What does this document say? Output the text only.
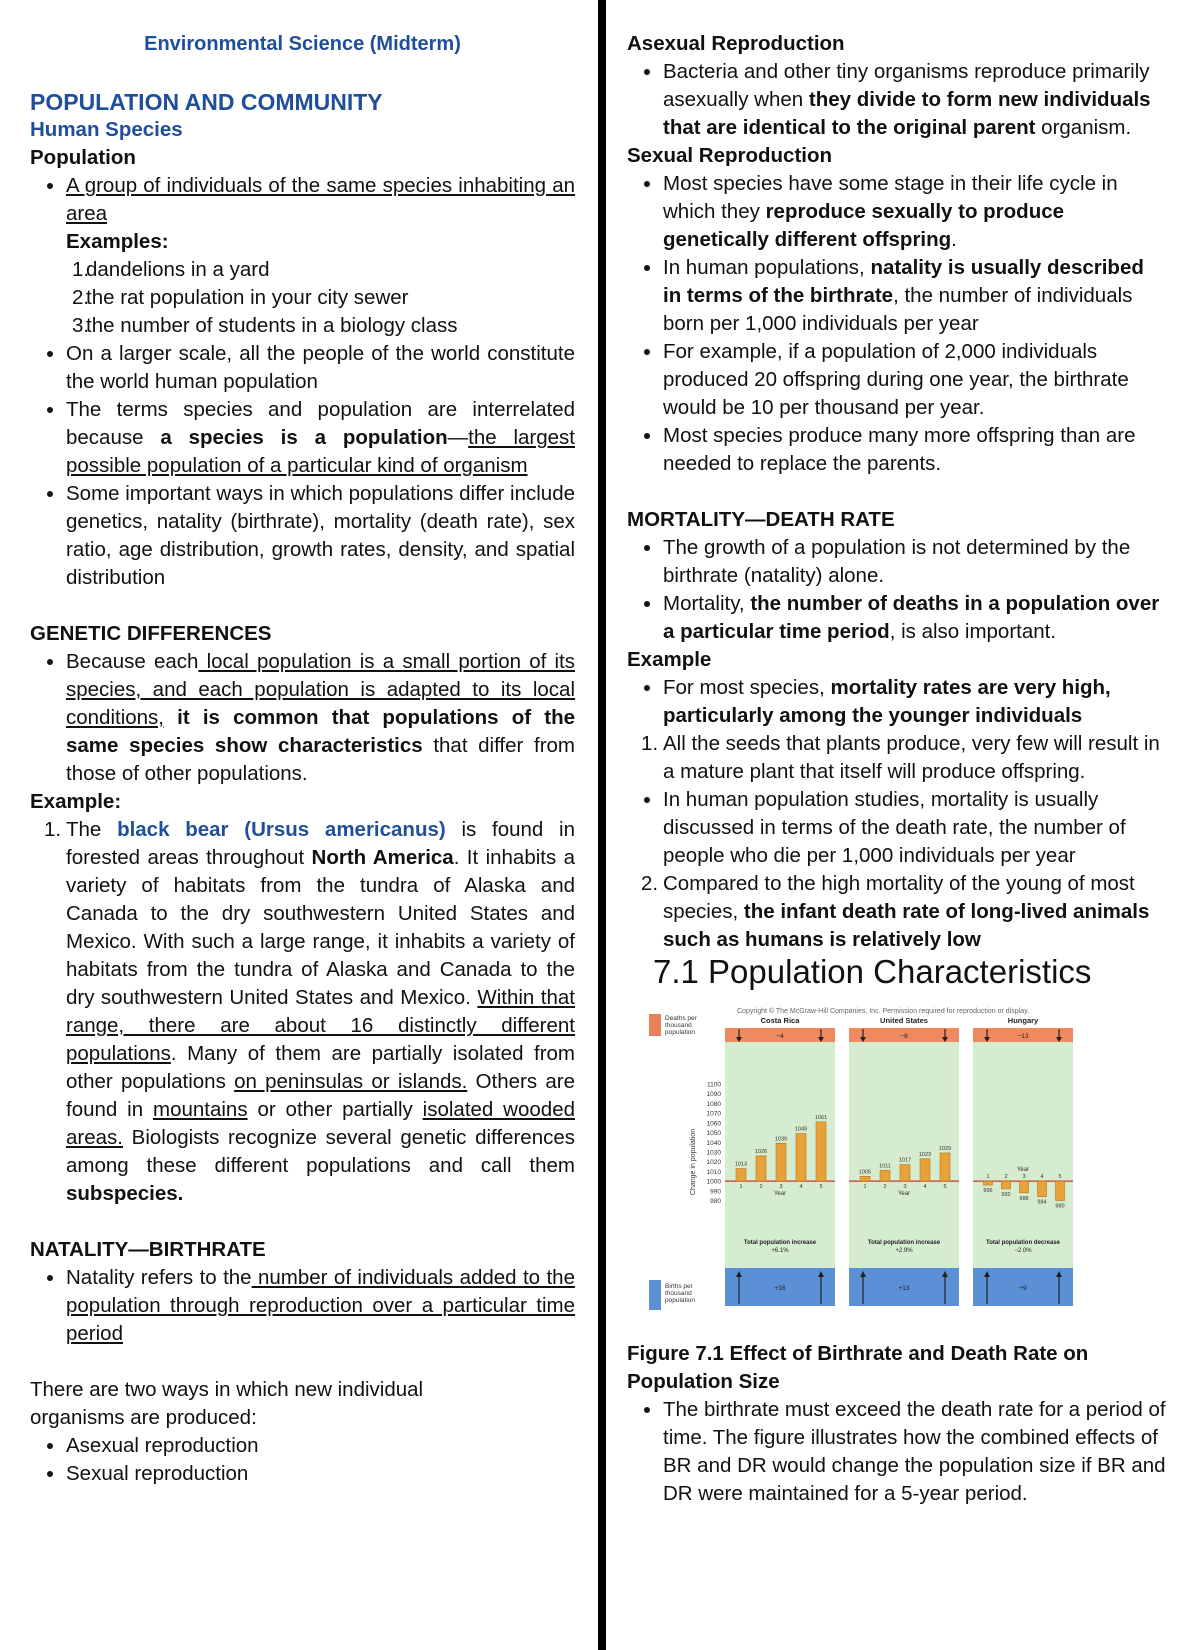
Environmental Science (Midterm)
POPULATION AND COMMUNITY
Human Species
Population
• A group of individuals of the same species inhabiting an area
Examples:
1.
dandelions in a yard
2.
the rat population in your city sewer
3.
the number of students in a biology class
• On a larger scale, all the people of the world constitute the world human population
• The terms species and population are interrelated because a species is a population—the largest possible population of a particular kind of organism
• Some important ways in which populations differ include genetics, natality (birthrate), mortality (death rate), sex ratio, age distribution, growth rates, density, and spatial distribution
GENETIC DIFFERENCES
• Because each local population is a small portion of its species, and each population is adapted to its local conditions, it is common that populations of the same species show characteristics that differ from those of other populations.
Example:
1. The black bear (Ursus americanus) is found in forested areas throughout North America. It inhabits a variety of habitats from the tundra of Alaska and Canada to the dry southwestern United States and Mexico. With such a large range, it inhabits a variety of habitats from the tundra of Alaska and Canada to the dry southwestern United States and Mexico. Within that range, there are about 16 distinctly different populations. Many of them are partially isolated from other populations on peninsulas or islands. Others are found in mountains or other partially isolated wooded areas. Biologists recognize several genetic differences among these different populations and call them subspecies.
NATALITY—BIRTHRATE
• Natality refers to the number of individuals added to the population through reproduction over a particular time period

There are two ways in which new individual organisms are produced:

• Asexual reproduction
• Sexual reproduction
Asexual Reproduction
• Bacteria and other tiny organisms reproduce primarily asexually when they divide to form new individuals that are identical to the original parent organism.
Sexual Reproduction
• Most species have some stage in their life cycle in which they reproduce sexually to produce genetically different offspring.
• In human populations, natality is usually described in terms of the birthrate, the number of individuals born per 1,000 individuals per year
• For example, if a population of 2,000 individuals produced 20 offspring during one year, the birthrate would be 10 per thousand per year.
• Most species produce many more offspring than are needed to replace the parents.
MORTALITY—DEATH RATE
• The growth of a population is not determined by the birthrate (natality) alone.
• Mortality, the number of deaths in a population over a particular time period, is also important.
Example
• For most species, mortality rates are very high, particularly among the younger individuals
1. All the seeds that plants produce, very few will result in a mature plant that itself will produce offspring.
• In human population studies, mortality is usually discussed in terms of the death rate, the number of people who die per 1,000 individuals per year
2. Compared to the high mortality of the young of most species, the infant death rate of long-lived animals such as humans is relatively low
7.1 Population Characteristics
Copyright © The McGraw-Hill Companies, Inc. Permission required for reproduction or display.
Deaths per
thousand
population
Births per
thousand
population
Change in population
1100
1090
1080
1070
1060
1050
1040
1030
1020
1010
1000
990
980
Costa Rica
−4
1013
1
1026
2
1039
3
1049
4
1061
5
Year
Total population increase
+6.1%
+16
United States
−8
1005
1
1011
2
1017
3
1023
4
1029
5
Year
Total population increase
+2.9%
+13
Hungary
−13
996
1
992
2
988
3
984
4
980
5
Year
Total population decrease
−2.0%
+9
Figure 7.1 Effect of Birthrate and Death Rate on Population Size
• The birthrate must exceed the death rate for a period of time. The figure illustrates how the combined effects of BR and DR would change the population size if BR and DR were maintained for a 5-year period.
